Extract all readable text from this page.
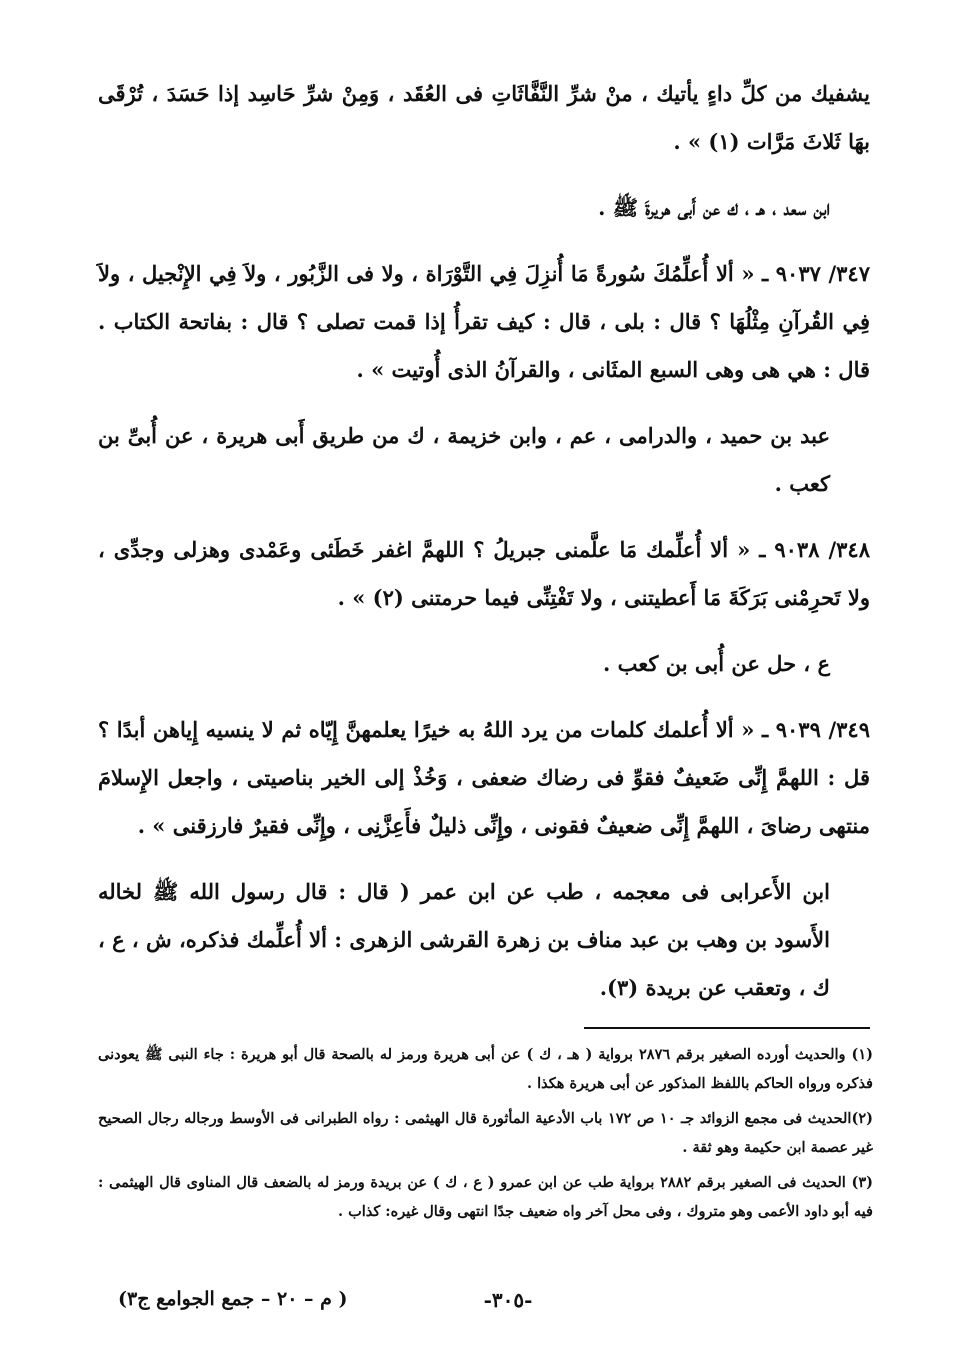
يشفيك من كلِّ داءٍ يأتيك ، منْ شرِّ النَّفَّاثَاتِ فى العُقَد ، وَمِنْ شرِّ حَاسِد إذا حَسَدَ ، تُرْقَى بهَا ثَلاثَ مَرَّات (١) » .

ابن سعد ، هـ ، ك عن أَبى هريرةَ ﷺ .

٣٤٧/ ٩٠٣٧ ـ « ألا أُعلِّمُكَ سُورةً مَا أُنزِلَ فِي التَّوْرَاة ، ولا فى الزَّبُور ، ولاَ فِي الإِنْجيل ، ولاَ فِي القُرآنِ مِثْلُهَا ؟ قال : بلى ، قال : كيف تقرأُ إذا قمت تصلى ؟ قال : بفاتحة الكتاب . قال : هي هى وهى السبع المثَانى ، والقرآنُ الذى أُوتيت » .

عبد بن حميد ، والدرامى ، عم ، وابن خزيمة ، ك من طريق أَبى هريرة ، عن أُبىِّ بن كعب .

٣٤٨/ ٩٠٣٨ ـ « ألا أُعلِّمك مَا علَّمنى جبريلُ ؟ اللهمَّ اغفر خَطَئى وعَمْدى وهزلى وجدِّى ، ولا تَحرِمْنى بَرَكَةَ مَا أَعطيتنى ، ولا تَفْتِنِّى فيما حرمتنى (٢) » .

ع ، حل عن أُبى بن كعب .

٣٤٩/ ٩٠٣٩ ـ « ألا أُعلمك كلمات من يرد اللهُ به خيرًا يعلمهنَّ إِيّاه ثم لا ينسيه إِياهن أبدًا ؟ قل : اللهمَّ إِنِّى ضَعيفٌ فقوِّ فى رضاك ضعفى ، وَخُذْ إلى الخير بناصيتى ، واجعل الإِسلامَ منتهى رضاىَ ، اللهمَّ إِنِّى ضعيفٌ فقونى ، وإِنِّى ذليلٌ فأَعِزَّنِى ، وإِنِّى فقيرٌ فارزقنى » .

ابن الأَعرابى فى معجمه ، طب عن ابن عمر ( قال : قال رسول الله ﷺ لخاله الأَسود بن وهب بن عبد مناف بن زهرة القرشى الزهرى : ألا أُعلِّمك فذكره، ش ، ع ، ك ، وتعقب عن بريدة (٣).

(١) والحديث أورده الصغير برقم ٢٨٧٦ برواية ( هـ ، ك ) عن أبى هريرة ورمز له بالصحة قال أبو هريرة : جاء النبى ﷺ يعودنى فذكره ورواه الحاكم باللفظ المذكور عن أبى هريرة هكذا .

(٢)الحديث فى مجمع الزوائد جـ ١٠ ص ١٧٢ باب الأدعية المأثورة قال الهيثمى : رواه الطبرانى فى الأوسط ورجاله رجال الصحيح غير عصمة ابن حكيمة وهو ثقة .

(٣) الحديث فى الصغير برقم ٢٨٨٢ برواية طب عن ابن عمرو ( ع ، ك ) عن بريدة ورمز له بالضعف قال المناوى قال الهيثمى : فيه أبو داود الأعمى وهو متروك ، وفى محل آخر واه ضعيف جدًا انتهى وقال غيره: كذاب .

-٣٠٥-
( م – ٢٠ – جمع الجوامع ج٣)
